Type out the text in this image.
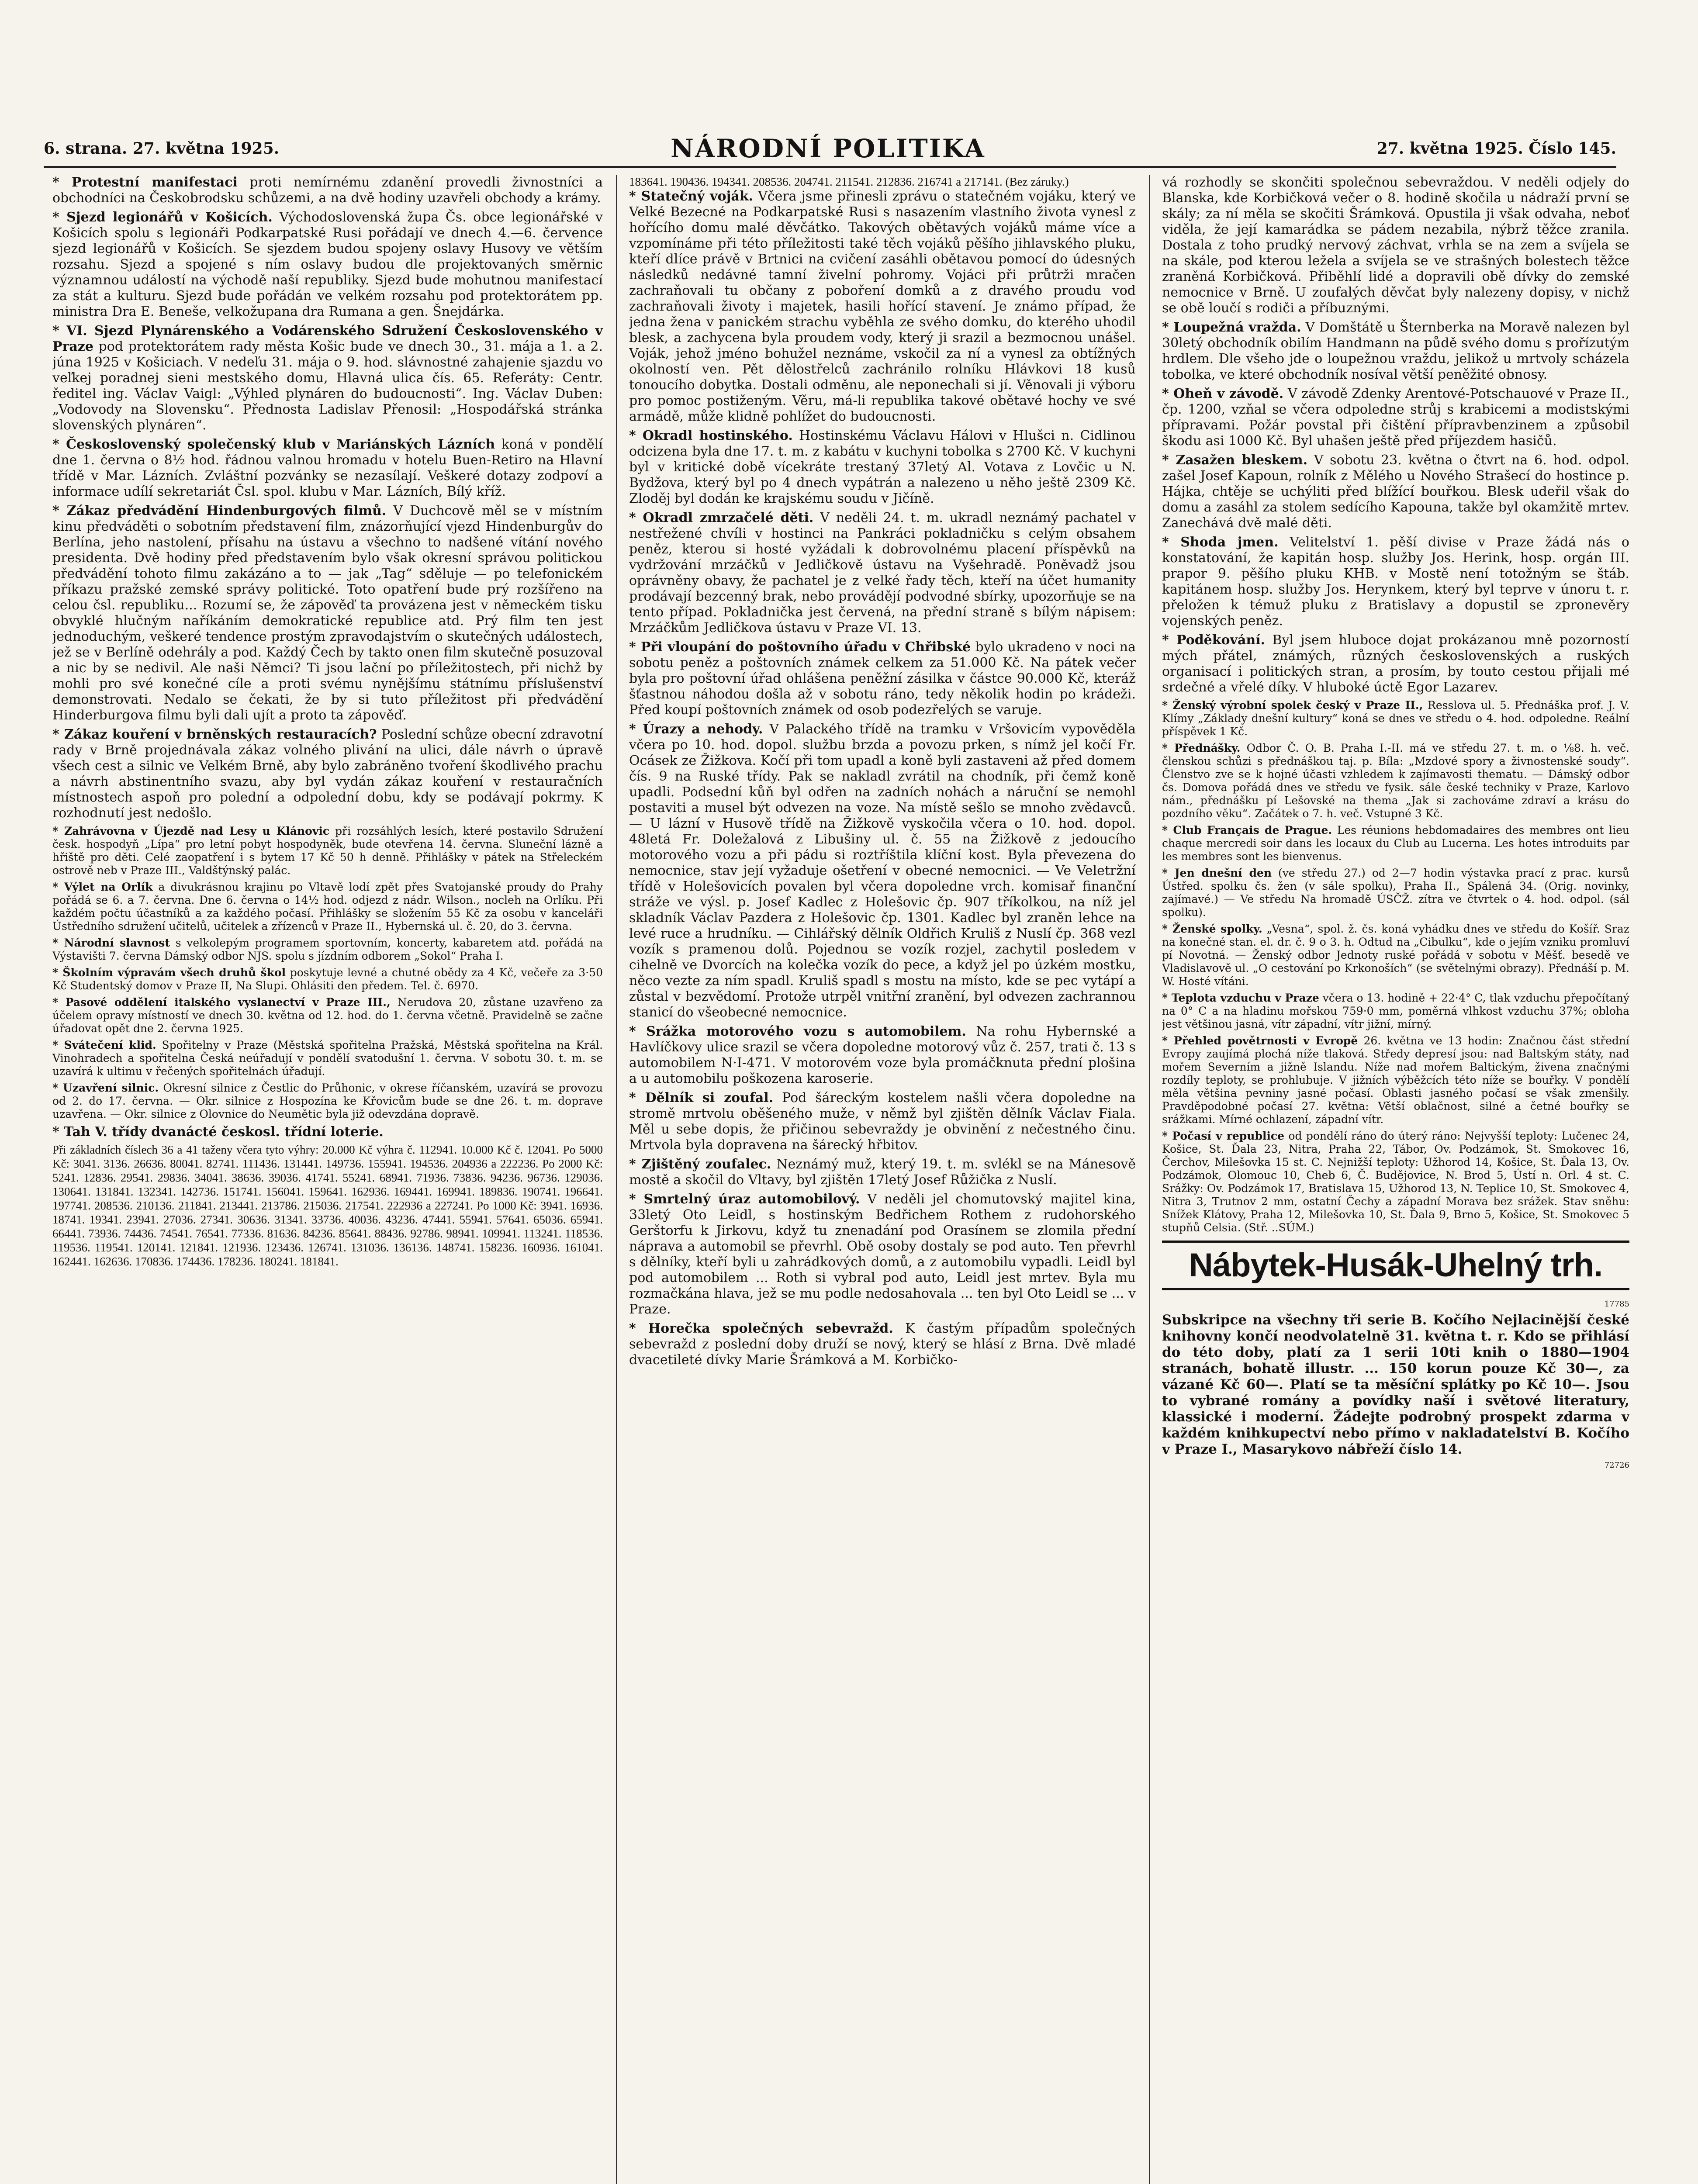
6. strana. 27. května 1925.	NÁRODNÍ POLITIKA	27. května 1925. Číslo 145.

* Protestní manifestaci proti nemírnému zdanění provedli živnostníci a obchodníci na Českobrodsku schůzemi, a na dvě hodiny uzavřeli obchody a krámy.

* Sjezd legionářů v Košicích. Východoslovenská župa Čs. obce legionářské v Košicích spolu s legionáři Podkarpatské Rusi pořádají ve dnech 4.—6. července sjezd legionářů v Košicích. Se sjezdem budou spojeny oslavy Husovy ve větším rozsahu. Sjezd a spojené s ním oslavy budou dle projektovaných směrnic významnou událostí na východě naší republiky. Sjezd bude mohutnou manifestací za stát a kulturu. Sjezd bude pořádán ve velkém rozsahu pod protektorátem pp. ministra Dra E. Beneše, velkožupana dra Rumana a gen. Šnejdárka.

* VI. Sjezd Plynárenského a Vodárenského Sdružení Československého v Praze pod protektorátem rady města Košic bude ve dnech 30., 31. mája a 1. a 2. júna 1925 v Košiciach. V nedeľu 31. mája o 9. hod. slávnostné zahajenie sjazdu vo veľkej poradnej sieni mestského domu, Hlavná ulica čís. 65. Referáty: Centr. ředitel ing. Václav Vaigl: „Výhled plynáren do budoucnosti“. Ing. Václav Duben: „Vodovody na Slovensku“. Přednosta Ladislav Přenosil: „Hospodářská stránka slovenských plynáren“.

* Československý společenský klub v Mariánských Lázních koná v pondělí dne 1. června o 8½ hod. řádnou valnou hromadu v hotelu Buen-Retiro na Hlavní třídě v Mar. Lázních. Zvláštní pozvánky se nezasílají. Veškeré dotazy zodpoví a informace udílí sekretariát Čsl. spol. klubu v Mar. Lázních, Bílý kříž.

* Zákaz předvádění Hindenburgových filmů. V Duchcově měl se v místním kinu předváděti o sobotním představení film, znázorňující vjezd Hindenburgův do Berlína, jeho nastolení, přísahu na ústavu a všechno to nadšené vítání nového presidenta. Dvě hodiny před představením bylo však okresní správou politickou předvádění tohoto filmu zakázáno a to — jak „Tag“ sděluje — po telefonickém příkazu pražské zemské správy politické. Toto opatření bude prý rozšířeno na celou čsl. republiku... Rozumí se, že zápověď ta provázena jest v německém tisku obvyklé hlučným naříkáním demokratické republice atd. Prý film ten jest jednoduchým, veškeré tendence prostým zpravodajstvím o skutečných událostech, jež se v Berlíně odehrály a pod. Každý Čech by takto onen film skutečně posuzoval a nic by se nedivil. Ale naši Němci? Ti jsou lační po příležitostech, při nichž by mohli pro své konečné cíle a proti svému nynějšímu státnímu příslušenství demonstrovati. Nedalo se čekati, že by si tuto příležitost při předvádění Hinderburgova filmu byli dali ujít a proto ta zápověď.

* Zákaz kouření v brněnských restauracích? Poslední schůze obecní zdravotní rady v Brně projednávala zákaz volného plivání na ulici, dále návrh o úpravě všech cest a silnic ve Velkém Brně, aby bylo zabráněno tvoření škodlivého prachu a návrh abstinentního svazu, aby byl vydán zákaz kouření v restauračních místnostech aspoň pro polední a odpolední dobu, kdy se podávají pokrmy. K rozhodnutí jest nedošlo.

* Zahrávovna v Újezdě nad Lesy u Klánovic při rozsáhlých lesích, které postavilo Sdružení česk. hospodyň „Lípa“ pro letní pobyt hospodyněk, bude otevřena 14. června. Sluneční lázně a hřiště pro děti. Celé zaopatření i s bytem 17 Kč 50 h denně. Přihlášky v pátek na Střeleckém ostrově neb v Praze III., Valdštýnský palác.

* Výlet na Orlík a divukrásnou krajinu po Vltavě lodí zpět přes Svatojanské proudy do Prahy pořádá se 6. a 7. června. Dne 6. června o 14½ hod. odjezd z nádr. Wilson., nocleh na Orlíku. Při každém počtu účastníků a za každého počasí. Přihlášky se složením 55 Kč za osobu v kanceláři Ústředního sdružení učitelů, učitelek a zřízenců v Praze II., Hybernská ul. č. 20, do 3. června.

* Národní slavnost s velkolepým programem sportovním, koncerty, kabaretem atd. pořádá na Výstavišti 7. června Dámský odbor NJS. spolu s jízdním odborem „Sokol“ Praha I.

* Školním výpravám všech druhů škol poskytuje levné a chutné obědy za 4 Kč, večeře za 3·50 Kč Studentský domov v Praze II, Na Slupi. Ohlásiti den předem. Tel. č. 6970.

* Pasové oddělení italského vyslanectví v Praze III., Nerudova 20, zůstane uzavřeno za účelem opravy místností ve dnech 30. května od 12. hod. do 1. června včetně. Pravidelně se začne úřadovat opět dne 2. června 1925.

* Svátečení klid. Spořitelny v Praze (Městská spořitelna Pražská, Městská spořitelna na Král. Vinohradech a spořitelna Česká neúřadují v pondělí svatodušní 1. června. V sobotu 30. t. m. se uzavírá k ultimu v řečených spořitelnách úřadují.

* Uzavření silnic. Okresní silnice z Čestlic do Průhonic, v okrese říčanském, uzavírá se provozu od 2. do 17. června. — Okr. silnice z Hospozína ke Křovicům bude se dne 26. t. m. doprave uzavřena. — Okr. silnice z Olovnice do Neumětic byla již odevzdána dopravě.

* Tah V. třídy dvanácté českosl. třídní loterie.
Při základních číslech 36 a 41 taženy včera tyto výhry: 20.000 Kč výhra č. 112941. 10.000 Kč č. 12041. Po 5000 Kč: 3041. 3136. 26636. 80041. 82741. 111436. 131441. 149736. 155941. 194536. 204936 a 222236. Po 2000 Kč: 5241. 12836. 29541. 29836. 34041. 38636. 39036. 41741. 55241. 68941. 71936. 73836. 94236. 96736. 129036. 130641. 131841. 132341. 142736. 151741. 156041. 159641. 162936. 169441. 169941. 189836. 190741. 196641. 197741. 208536. 210136. 211841. 213441. 213786. 215036. 217541. 222936 a 227241. Po 1000 Kč: 3941. 16936. 18741. 19341. 23941. 27036. 27341. 30636. 31341. 33736. 40036. 43236. 47441. 55941. 57641. 65036. 65941. 66441. 73936. 74436. 74541. 76541. 77336. 81636. 84236. 85641. 88436. 92786. 98941. 109941. 113241. 118536. 119536. 119541. 120141. 121841. 121936. 123436. 126741. 131036. 136136. 148741. 158236. 160936. 161041. 162441. 162636. 170836. 174436. 178236. 180241. 181841.
183641. 190436. 194341. 208536. 204741. 211541. 212836. 216741 a 217141. (Bez záruky.)

* Statečný voják. Včera jsme přinesli zprávu o statečném vojáku, který ve Velké Bezecné na Podkarpatské Rusi s nasazením vlastního života vynesl z hořícího domu malé děvčátko. Takových obětavých vojáků máme více a vzpomínáme při této příležitosti také těch vojáků pěšího jihlavského pluku, kteří dlíce právě v Brtnici na cvičení zasáhli obětavou pomocí do údesných následků nedávné tamní živelní pohromy. Vojáci při průtrži mračen zachraňovali tu občany z poboření domků a z dravého proudu vod zachraňovali životy i majetek, hasili hořící stavení. Je známo případ, že jedna žena v panickém strachu vyběhla ze svého domku, do kterého uhodil blesk, a zachycena byla proudem vody, který ji srazil a bezmocnou unášel. Voják, jehož jméno bohužel neznáme, vskočil za ní a vynesl za obtížných okolností ven. Pět dělostřelců zachránilo rolníku Hlávkovi 18 kusů tonoucího dobytka. Dostali odměnu, ale neponechali si jí. Věnovali ji výboru pro pomoc postiženým. Věru, má-li republika takové obětavé hochy ve své armádě, může klidně pohlížet do budoucnosti.

* Okradl hostinského. Hostinskému Václavu Hálovi v Hlušci n. Cidlinou odcizena byla dne 17. t. m. z kabátu v kuchyni tobolka s 2700 Kč. V kuchyni byl v kritické době vícekráte trestaný 37letý Al. Votava z Lovčic u N. Bydžova, který byl po 4 dnech vypátrán a nalezeno u něho ještě 2309 Kč. Zloděj byl dodán ke krajskému soudu v Jičíně.

* Okradl zmrzačelé děti. V neděli 24. t. m. ukradl neznámý pachatel v nestřežené chvíli v hostinci na Pankráci pokladničku s celým obsahem peněz, kterou si hosté vyžádali k dobrovolnému placení příspěvků na vydržování mrzáčků v Jedličkově ústavu na Vyšehradě. Poněvadž jsou oprávněny obavy, že pachatel je z velké řady těch, kteří na účet humanity prodávají bezcenný brak, nebo provádějí podvodné sbírky, upozorňuje se na tento případ. Pokladnička jest červená, na přední straně s bílým nápisem: Mrzáčkům Jedličkova ústavu v Praze VI. 13.

* Při vloupání do poštovního úřadu v Chřibské bylo ukradeno v noci na sobotu peněz a poštovních známek celkem za 51.000 Kč. Na pátek večer byla pro poštovní úřad ohlášena peněžní zásilka v částce 90.000 Kč, kteráž šťastnou náhodou došla až v sobotu ráno, tedy několik hodin po krádeži. Před koupí poštovních známek od osob podezřelých se varuje.

* Úrazy a nehody. V Palackého třídě na tramku v Vršovicím vypověděla včera po 10. hod. dopol. službu brzda a povozu prken, s nímž jel kočí Fr. Ocásek ze Žižkova. Kočí při tom upadl a koně byli zastaveni až před domem čís. 9 na Ruské třídy. Pak se nakladl zvrátil na chodník, při čemž koně upadli. Podsední kůň byl odřen na zadních nohách a náruční se nemohl postaviti a musel být odvezen na voze. Na místě sešlo se mnoho zvědavců. — U lázní v Husově třídě na Žižkově vyskočila včera o 10. hod. dopol. 48letá Fr. Doležalová z Libušiny ul. č. 55 na Žižkově z jedoucího motorového vozu a při pádu si roztříštila klíční kost. Byla převezena do nemocnice, stav její vyžaduje ošetření v obecné nemocnici. — Ve Veletržní třídě v Holešovicích povalen byl včera dopoledne vrch. komisař finanční stráže ve výsl. p. Josef Kadlec z Holešovic čp. 907 tříkolkou, na níž jel skladník Václav Pazdera z Holešovic čp. 1301. Kadlec byl zraněn lehce na levé ruce a hrudníku. — Cihlářský dělník Oldřich Kruliš z Nuslí čp. 368 vezl vozík s pramenou dolů. Pojednou se vozík rozjel, zachytil posledem v cihelně ve Dvorcích na kolečka vozík do pece, a když jel po úzkém mostku, něco vezte za ním spadl. Kruliš spadl s mostu na místo, kde se pec vytápí a zůstal v bezvědomí. Protože utrpěl vnitřní zranění, byl odvezen zachrannou stanicí do všeobecné nemocnice.

* Srážka motorového vozu s automobilem. Na rohu Hybernské a Havlíčkovy ulice srazil se včera dopoledne motorový vůz č. 257, trati č. 13 s automobilem N·I-471. V motorovém voze byla promáčknuta přední plošina a u automobilu poškozena karoserie.

* Dělník si zoufal. Pod šáreckým kostelem našli včera dopoledne na stromě mrtvolu oběšeného muže, v němž byl zjištěn dělník Václav Fiala. Měl u sebe dopis, že přičinou sebevraždy je obvinění z nečestného činu. Mrtvola byla dopravena na šárecký hřbitov.

* Zjištěný zoufalec. Neznámý muž, který 19. t. m. svlékl se na Mánesově mostě a skočil do Vltavy, byl zjištěn 17letý Josef Růžička z Nuslí.

* Smrtelný úraz automobilový. V neděli jel chomutovský majitel kina, 33letý Oto Leidl, s hostinským Bedřichem Rothem z rudohorského Gerštorfu k Jirkovu, když tu znenadání pod Orasínem se zlomila přední náprava a automobil se převrhl. Obě osoby dostaly se pod auto. Ten převrhl s dělníky, kteří byli u zahrádkových domů, a z automobilu vypadli. Leidl byl pod automobilem ... Roth si vybral pod auto, Leidl jest mrtev. Byla mu rozmačkána hlava, jež se mu podle nedosahovala ... ten byl Oto Leidl se ... v Praze.

* Horečka společných sebevražd. K častým případům společných sebevražd z poslední doby druží se nový, který se hlásí z Brna. Dvě mladé dvacetileté dívky Marie Šrámková a M. Korbičko-

vá rozhodly se skončiti společnou sebevraždou. V neděli odjely do Blanska, kde Korbičková večer o 8. hodině skočila u nádraží první se skály; za ní měla se skočiti Šrámková. Opustila ji však odvaha, neboť viděla, že její kamarádka se pádem nezabila, nýbrž těžce zranila. Dostala z toho prudký nervový záchvat, vrhla se na zem a svíjela se na skále, pod kterou ležela a svíjela se ve strašných bolestech těžce zraněná Korbičková. Přiběhlí lidé a dopravili obě dívky do zemské nemocnice v Brně. U zoufalých děvčat byly nalezeny dopisy, v nichž se obě loučí s rodiči a příbuznými.

* Loupežná vražda. V Domštátě u Šternberka na Moravě nalezen byl 30letý obchodník obilím Handmann na půdě svého domu s prořízutým hrdlem. Dle všeho jde o loupežnou vraždu, jelikož u mrtvoly scházela tobolka, ve které obchodník nosíval větší peněžité obnosy.

* Oheň v závodě. V závodě Zdenky Arentové-Potschauové v Praze II., čp. 1200, vzňal se včera odpoledne strůj s krabicemi a modistskými přípravami. Požár povstal při čištění přípravbenzinem a způsobil škodu asi 1000 Kč. Byl uhašen ještě před příjezdem hasičů.

* Zasažen bleskem. V sobotu 23. května o čtvrt na 6. hod. odpol. zašel Josef Kapoun, rolník z Mělého u Nového Strašecí do hostince p. Hájka, chtěje se uchýliti před blížící bouřkou. Blesk udeřil však do domu a zasáhl za stolem sedícího Kapouna, takže byl okamžitě mrtev. Zanechává dvě malé děti.

* Shoda jmen. Velitelství 1. pěší divise v Praze žádá nás o konstatování, že kapitán hosp. služby Jos. Herink, hosp. orgán III. prapor 9. pěšího pluku KHB. v Mostě není totožným se štáb. kapitánem hosp. služby Jos. Herynkem, který byl teprve v únoru t. r. přeložen k témuž pluku z Bratislavy a dopustil se zpronevěry vojenských peněz.

* Poděkování. Byl jsem hluboce dojat prokázanou mně pozorností mých přátel, známých, různých československých a ruských organisací i politických stran, a prosím, by touto cestou přijali mé srdečné a vřelé díky. V hluboké úctě Egor Lazarev.

* Ženský výrobní spolek český v Praze II., Resslova ul. 5. Přednáška prof. J. V. Klímy „Základy dnešní kultury“ koná se dnes ve středu o 4. hod. odpoledne. Reální příspěvek 1 Kč.

* Přednášky. Odbor Č. O. B. Praha I.-II. má ve středu 27. t. m. o ⅛8. h. več. členskou schůzi s přednáškou taj. p. Bíla: „Mzdové spory a živnostenské soudy“. Členstvo zve se k hojné účasti vzhledem k zajímavosti thematu. — Dámský odbor čs. Domova pořádá dnes ve středu ve fysik. sále české techniky v Praze, Karlovo nám., přednášku pí Lešovské na thema „Jak si zachováme zdraví a krásu do pozdního věku“. Začátek o 7. h. več. Vstupné 3 Kč.

* Club Français de Prague. Les réunions hebdomadaires des membres ont lieu chaque mercredi soir dans les locaux du Club au Lucerna. Les hotes introduits par les membres sont les bienvenus.

* Jen dnešní den (ve středu 27.) od 2—7 hodin výstavka prací z prac. kursů Ústřed. spolku čs. žen (v sále spolku), Praha II., Spálená 34. (Orig. novinky, zajímavé.) — Ve středu Na hromadě ÚSČŽ. zítra ve čtvrtek o 4. hod. odpol. (sál spolku).

* Ženské spolky. „Vesna“, spol. ž. čs. koná vyhádku dnes ve středu do Košíř. Sraz na konečné stan. el. dr. č. 9 o 3. h. Odtud na „Cibulku“, kde o jejím vzniku promluví pí Novotná. — Ženský odbor Jednoty ruské pořádá v sobotu v Měšť. besedě ve Vladislavově ul. „O cestování po Krkonoších“ (se světelnými obrazy). Přednáší p. M. W. Hosté vítáni.

* Teplota vzduchu v Praze včera o 13. hodině + 22·4° C, tlak vzduchu přepočítaný na 0° C a na hladinu mořskou 759·0 mm, poměrná vlhkost vzduchu 37%; obloha jest většinou jasná, vítr západní, vítr jižní, mírný.

* Přehled povětrnosti v Evropě 26. května ve 13 hodin: Značnou část střední Evropy zaujímá plochá níže tlaková. Středy depresí jsou: nad Baltským státy, nad mořem Severním a jižně Islandu. Níže nad mořem Baltickým, živena značnými rozdíly teploty, se prohlubuje. V jižních výběžcích této níže se bouřky. V pondělí měla většina pevniny jasné počasí. Oblasti jasného počasí se však zmenšily. Pravděpodobné počasí 27. května: Větší oblačnost, silné a četné bouřky se srážkami. Mírné ochlazení, západní vítr.

* Počasí v republice od pondělí ráno do úterý ráno: Nejvyšší teploty: Lučenec 24, Košice, St. Ďala 23, Nitra, Praha 22, Tábor, Ov. Podzámok, St. Smokovec 16, Čerchov, Milešovka 15 st. C. Nejnižší teploty: Užhorod 14, Košice, St. Ďala 13, Ov. Podzámok, Olomouc 10, Cheb 6, Č. Budějovice, N. Brod 5, Ústí n. Orl. 4 st. C. Srážky: Ov. Podzámok 17, Bratislava 15, Užhorod 13, N. Teplice 10, St. Smokovec 4, Nitra 3, Trutnov 2 mm, ostatní Čechy a západní Morava bez srážek. Stav sněhu: Snížek Klátovy, Praha 12, Milešovka 10, St. Ďala 9, Brno 5, Košice, St. Smokovec 5 stupňů Celsia. (Stř. ..SÚM.)

Nábytek-Husák-Uhelný trh.
17785
Subskripce na všechny tři serie B. Kočího Nejlacinější české knihovny končí neodvolatelně 31. května t. r. Kdo se přihlásí do této doby, platí za 1 serii 10ti knih o 1880—1904 stranách, bohatě illustr. ... 150 korun pouze Kč 30—, za vázané Kč 60—. Platí se ta měsíční splátky po Kč 10—. Jsou to vybrané romány a povídky naší i světové literatury, klassické i moderní. Žádejte podrobný prospekt zdarma v každém knihkupectví nebo přímo v nakladatelství B. Kočího v Praze I., Masarykovo nábřeží číslo 14.
72726
